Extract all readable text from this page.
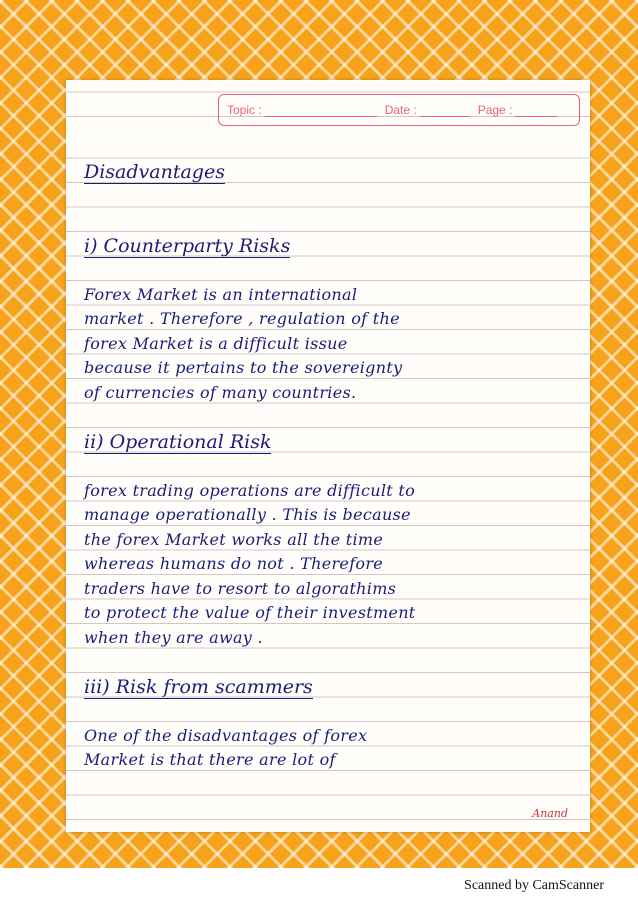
Topic :	Date :	Page :
Disadvantages
i) Counterparty Risks
Forex Market is an international
market . Therefore , regulation of the
forex Market is a difficult issue
because it pertains to the sovereignty
of currencies of many countries.
ii) Operational Risk
forex trading operations are difficult to
manage operationally . This is because
the forex Market works all the time
whereas humans do not . Therefore
traders have to resort to algorathims
to protect the value of their investment
when they are away .
iii) Risk from scammers
One of the disadvantages of forex
Market is that there are lot of
Anand
Scanned by CamScanner
